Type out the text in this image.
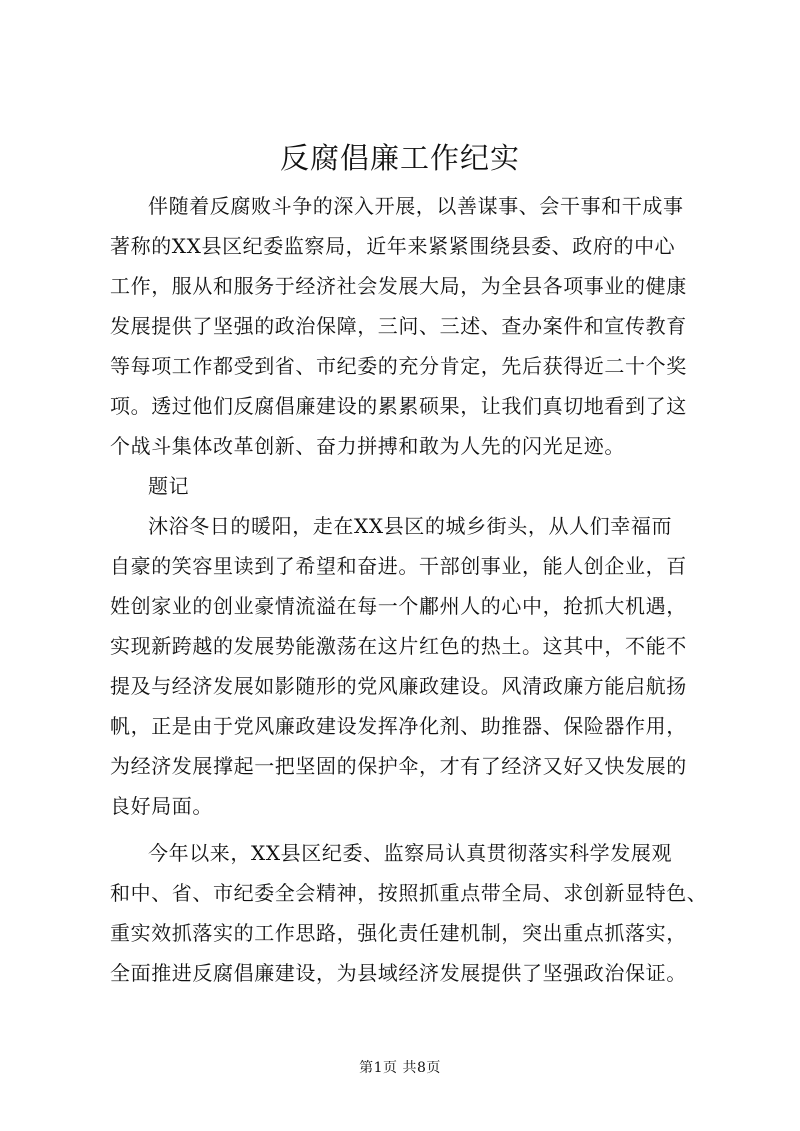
反腐倡廉工作纪实
伴随着反腐败斗争的深入开展，以善谋事、会干事和干成事
著称的XX县区纪委监察局，近年来紧紧围绕县委、政府的中心
工作，服从和服务于经济社会发展大局，为全县各项事业的健康
发展提供了坚强的政治保障，三问、三述、查办案件和宣传教育
等每项工作都受到省、市纪委的充分肯定，先后获得近二十个奖
项。透过他们反腐倡廉建设的累累硕果，让我们真切地看到了这
个战斗集体改革创新、奋力拼搏和敢为人先的闪光足迹。
题记
沐浴冬日的暖阳，走在XX县区的城乡街头，从人们幸福而
自豪的笑容里读到了希望和奋进。干部创事业，能人创企业，百
姓创家业的创业豪情流溢在每一个鄘州人的心中，抢抓大机遇，
实现新跨越的发展势能激荡在这片红色的热土。这其中，不能不
提及与经济发展如影随形的党风廉政建设。风清政廉方能启航扬
帆，正是由于党风廉政建设发挥净化剂、助推器、保险器作用，
为经济发展撑起一把坚固的保护伞，才有了经济又好又快发展的
良好局面。
今年以来，XX县区纪委、监察局认真贯彻落实科学发展观
和中、省、市纪委全会精神，按照抓重点带全局、求创新显特色、
重实效抓落实的工作思路，强化责任建机制，突出重点抓落实，
全面推进反腐倡廉建设，为县域经济发展提供了坚强政治保证。
第1页 共8页
